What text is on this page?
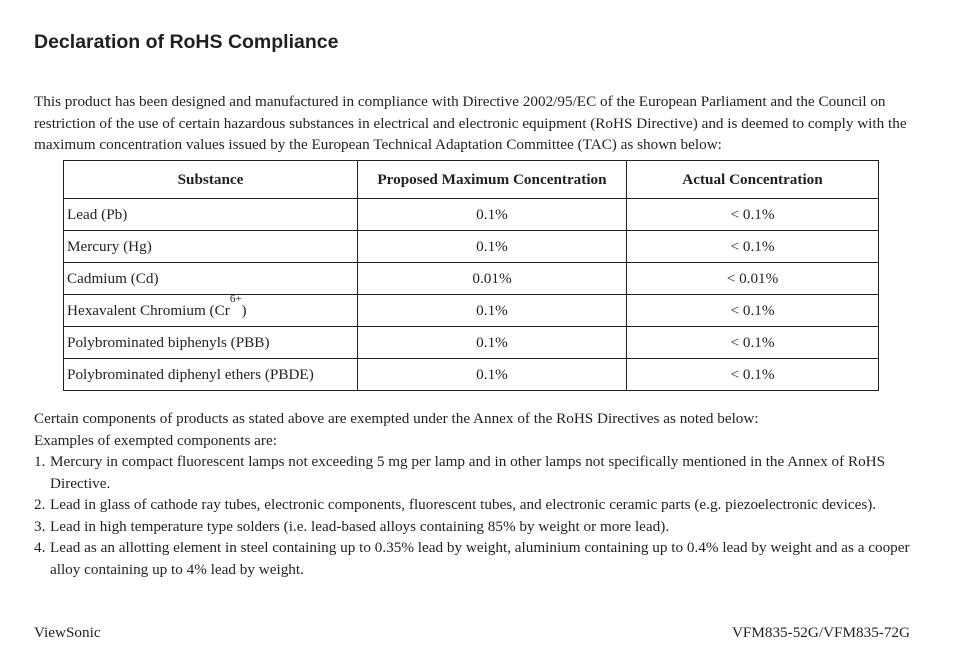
Declaration of RoHS Compliance

This product has been designed and manufactured in compliance with Directive 2002/95/EC of the European Parliament and the Council on restriction of the use of certain hazardous substances in electrical and electronic equipment (RoHS Directive) and is deemed to comply with the maximum concentration values issued by the European Technical Adaptation Committee (TAC) as shown below:

Substance	Proposed Maximum Concentration	Actual Concentration
Lead (Pb)	0.1%	< 0.1%
Mercury (Hg)	0.1%	< 0.1%
Cadmium (Cd)	0.01%	< 0.01%
Hexavalent Chromium $(Cr^{6+})$	0.1%	< 0.1%
Polybrominated biphenyls (PBB)	0.1%	< 0.1%
Polybrominated diphenyl ethers (PBDE)	0.1%	< 0.1%

Certain components of products as stated above are exempted under the Annex of the RoHS Directives as noted below:

Examples of exempted components are:

1. Mercury in compact fluorescent lamps not exceeding 5 mg per lamp and in other lamps not specifically mentioned in the Annex of RoHS Directive.
2. Lead in glass of cathode ray tubes, electronic components, fluorescent tubes, and electronic ceramic parts (e.g. piezoelectronic devices).
3. Lead in high temperature type solders (i.e. lead-based alloys containing 85% by weight or more lead).
4. Lead as an allotting element in steel containing up to 0.35% lead by weight, aluminium containing up to 0.4% lead by weight and as a cooper alloy containing up to 4% lead by weight.
ViewSonic	VFM835-52G/VFM835-72G
